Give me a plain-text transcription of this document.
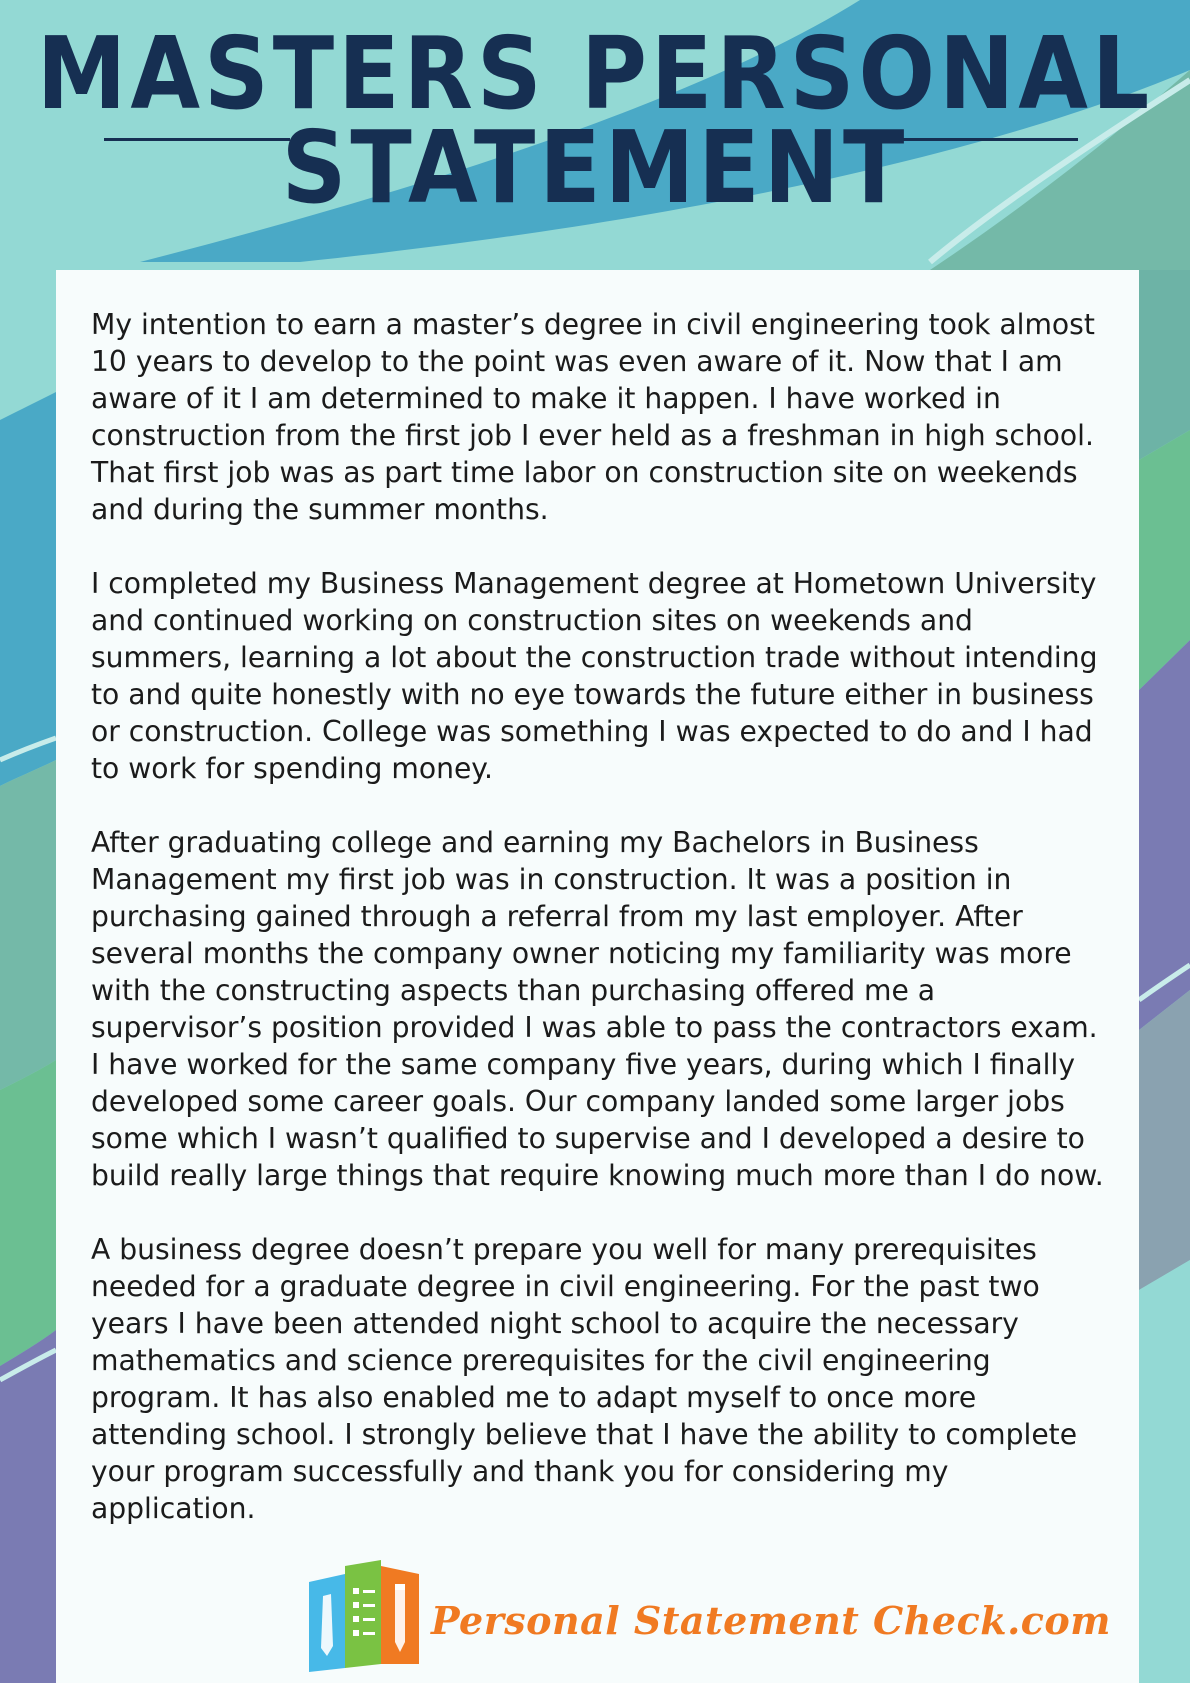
MASTERS PERSONAL
STATEMENT

My intention to earn a master’s degree in civil engineering took almost
10 years to develop to the point was even aware of it. Now that I am
aware of it I am determined to make it happen. I have worked in
construction from the first job I ever held as a freshman in high school.
That first job was as part time labor on construction site on weekends
and during the summer months.

I completed my Business Management degree at Hometown University
and continued working on construction sites on weekends and
summers, learning a lot about the construction trade without intending
to and quite honestly with no eye towards the future either in business
or construction. College was something I was expected to do and I had
to work for spending money.

After graduating college and earning my Bachelors in Business
Management my first job was in construction. It was a position in
purchasing gained through a referral from my last employer. After
several months the company owner noticing my familiarity was more
with the constructing aspects than purchasing offered me a
supervisor’s position provided I was able to pass the contractors exam.
I have worked for the same company five years, during which I finally
developed some career goals. Our company landed some larger jobs
some which I wasn’t qualified to supervise and I developed a desire to
build really large things that require knowing much more than I do now.

A business degree doesn’t prepare you well for many prerequisites
needed for a graduate degree in civil engineering. For the past two
years I have been attended night school to acquire the necessary
mathematics and science prerequisites for the civil engineering
program. It has also enabled me to adapt myself to once more
attending school. I strongly believe that I have the ability to complete
your program successfully and thank you for considering my
application.

Personal Statement Check.com
